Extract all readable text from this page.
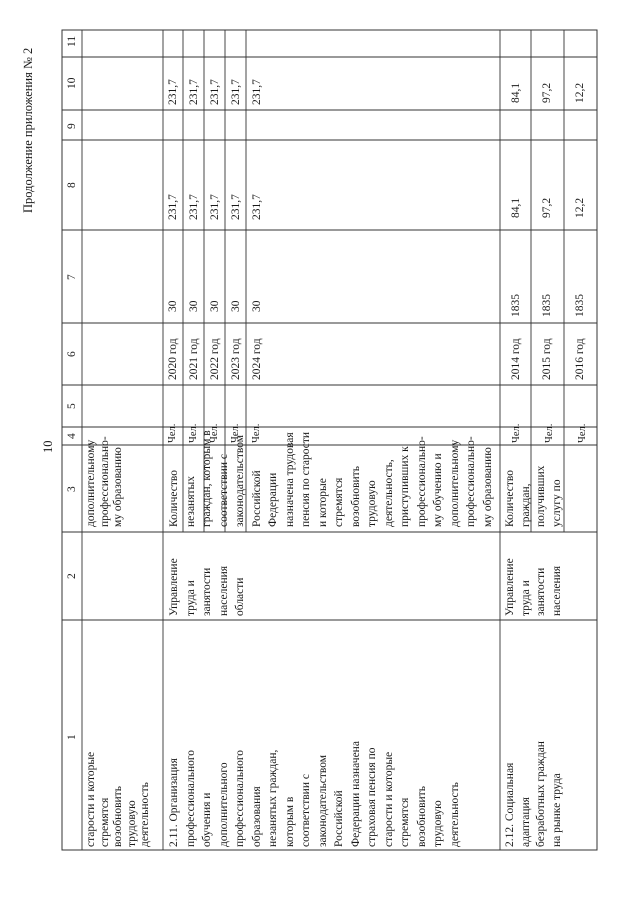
Продолжение приложения № 2
10
1
2
3
4
5
6
7
8
9
10
11
старости и которые стремятся возобновить трудовую деятельность
дополнительному профессионально- му образованию
2.11. Организация профессионального обучения и дополнительного профессионального образования незанятых граждан, которым в соответствии с законодательством Российской Федерации назначена страховая пенсия по старости и которые стремятся возобновить трудовую деятельность
Управление труда и занятости населения области
Количество незанятых граждан, которым в соответствии с законодательством Российской Федерации назначена трудовая пенсия по старости и которые стремятся возобновить трудовую деятельность, приступивших к профессионально- му обучению и дополнительному профессионально- му образованию
Чел.
2020 год
30
231,7
231,7
Чел.
2021 год
30
231,7
231,7
Чел.
2022 год
30
231,7
231,7
Чел.
2023 год
30
231,7
231,7
Чел.
2024 год
30
231,7
231,7
2.12. Социальная адаптация безработных граждан на рынке труда
Управление труда и занятости населения
Количество граждан, получивших услугу по
Чел.
2014 год
1835
84,1
84,1
Чел.
2015 год
1835
97,2
97,2
Чел.
2016 год
1835
12,2
12,2
